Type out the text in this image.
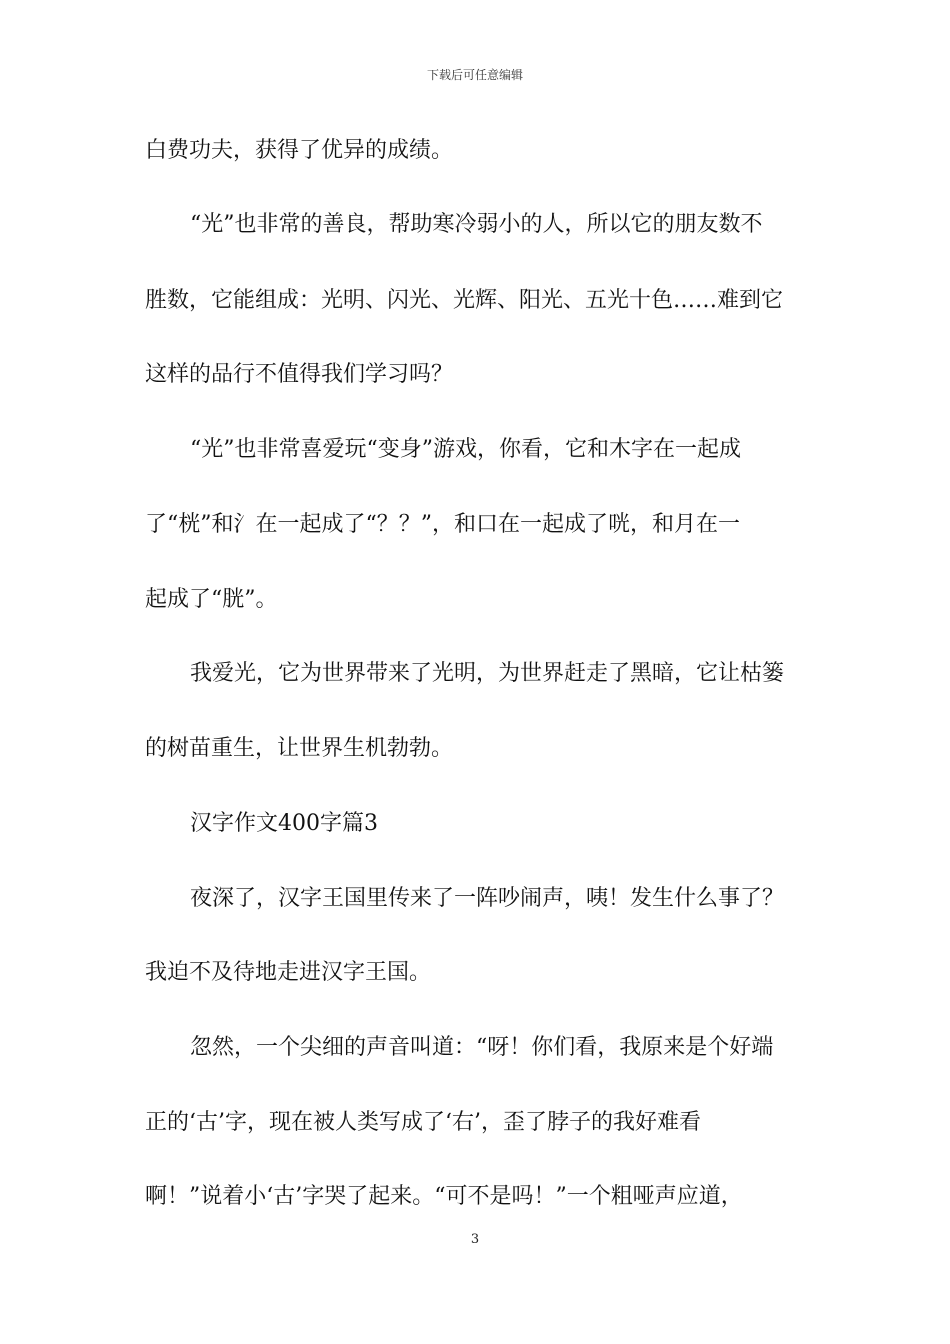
下载后可任意编辑
白费功夫，获得了优异的成绩。
“光”也非常的善良，帮助寒冷弱小的人，所以它的朋友数不
胜数，它能组成：光明、闪光、光辉、阳光、五光十色……难到它
这样的品行不值得我们学习吗？
“光”也非常喜爱玩“变身”游戏，你看，它和木字在一起成
了“桄”和氵在一起成了“？？”，和口在一起成了咣，和月在一
起成了“胱”。
我爱光，它为世界带来了光明，为世界赶走了黑暗，它让枯篓
的树苗重生，让世界生机勃勃。
汉字作文400字篇3
夜深了，汉字王国里传来了一阵吵闹声，咦！发生什么事了？
我迫不及待地走进汉字王国。
忽然，一个尖细的声音叫道：“呀！你们看，我原来是个好端
正的‘古’字，现在被人类写成了‘右’，歪了脖子的我好难看
啊！”说着小‘古’字哭了起来。“可不是吗！”一个粗哑声应道，
3
